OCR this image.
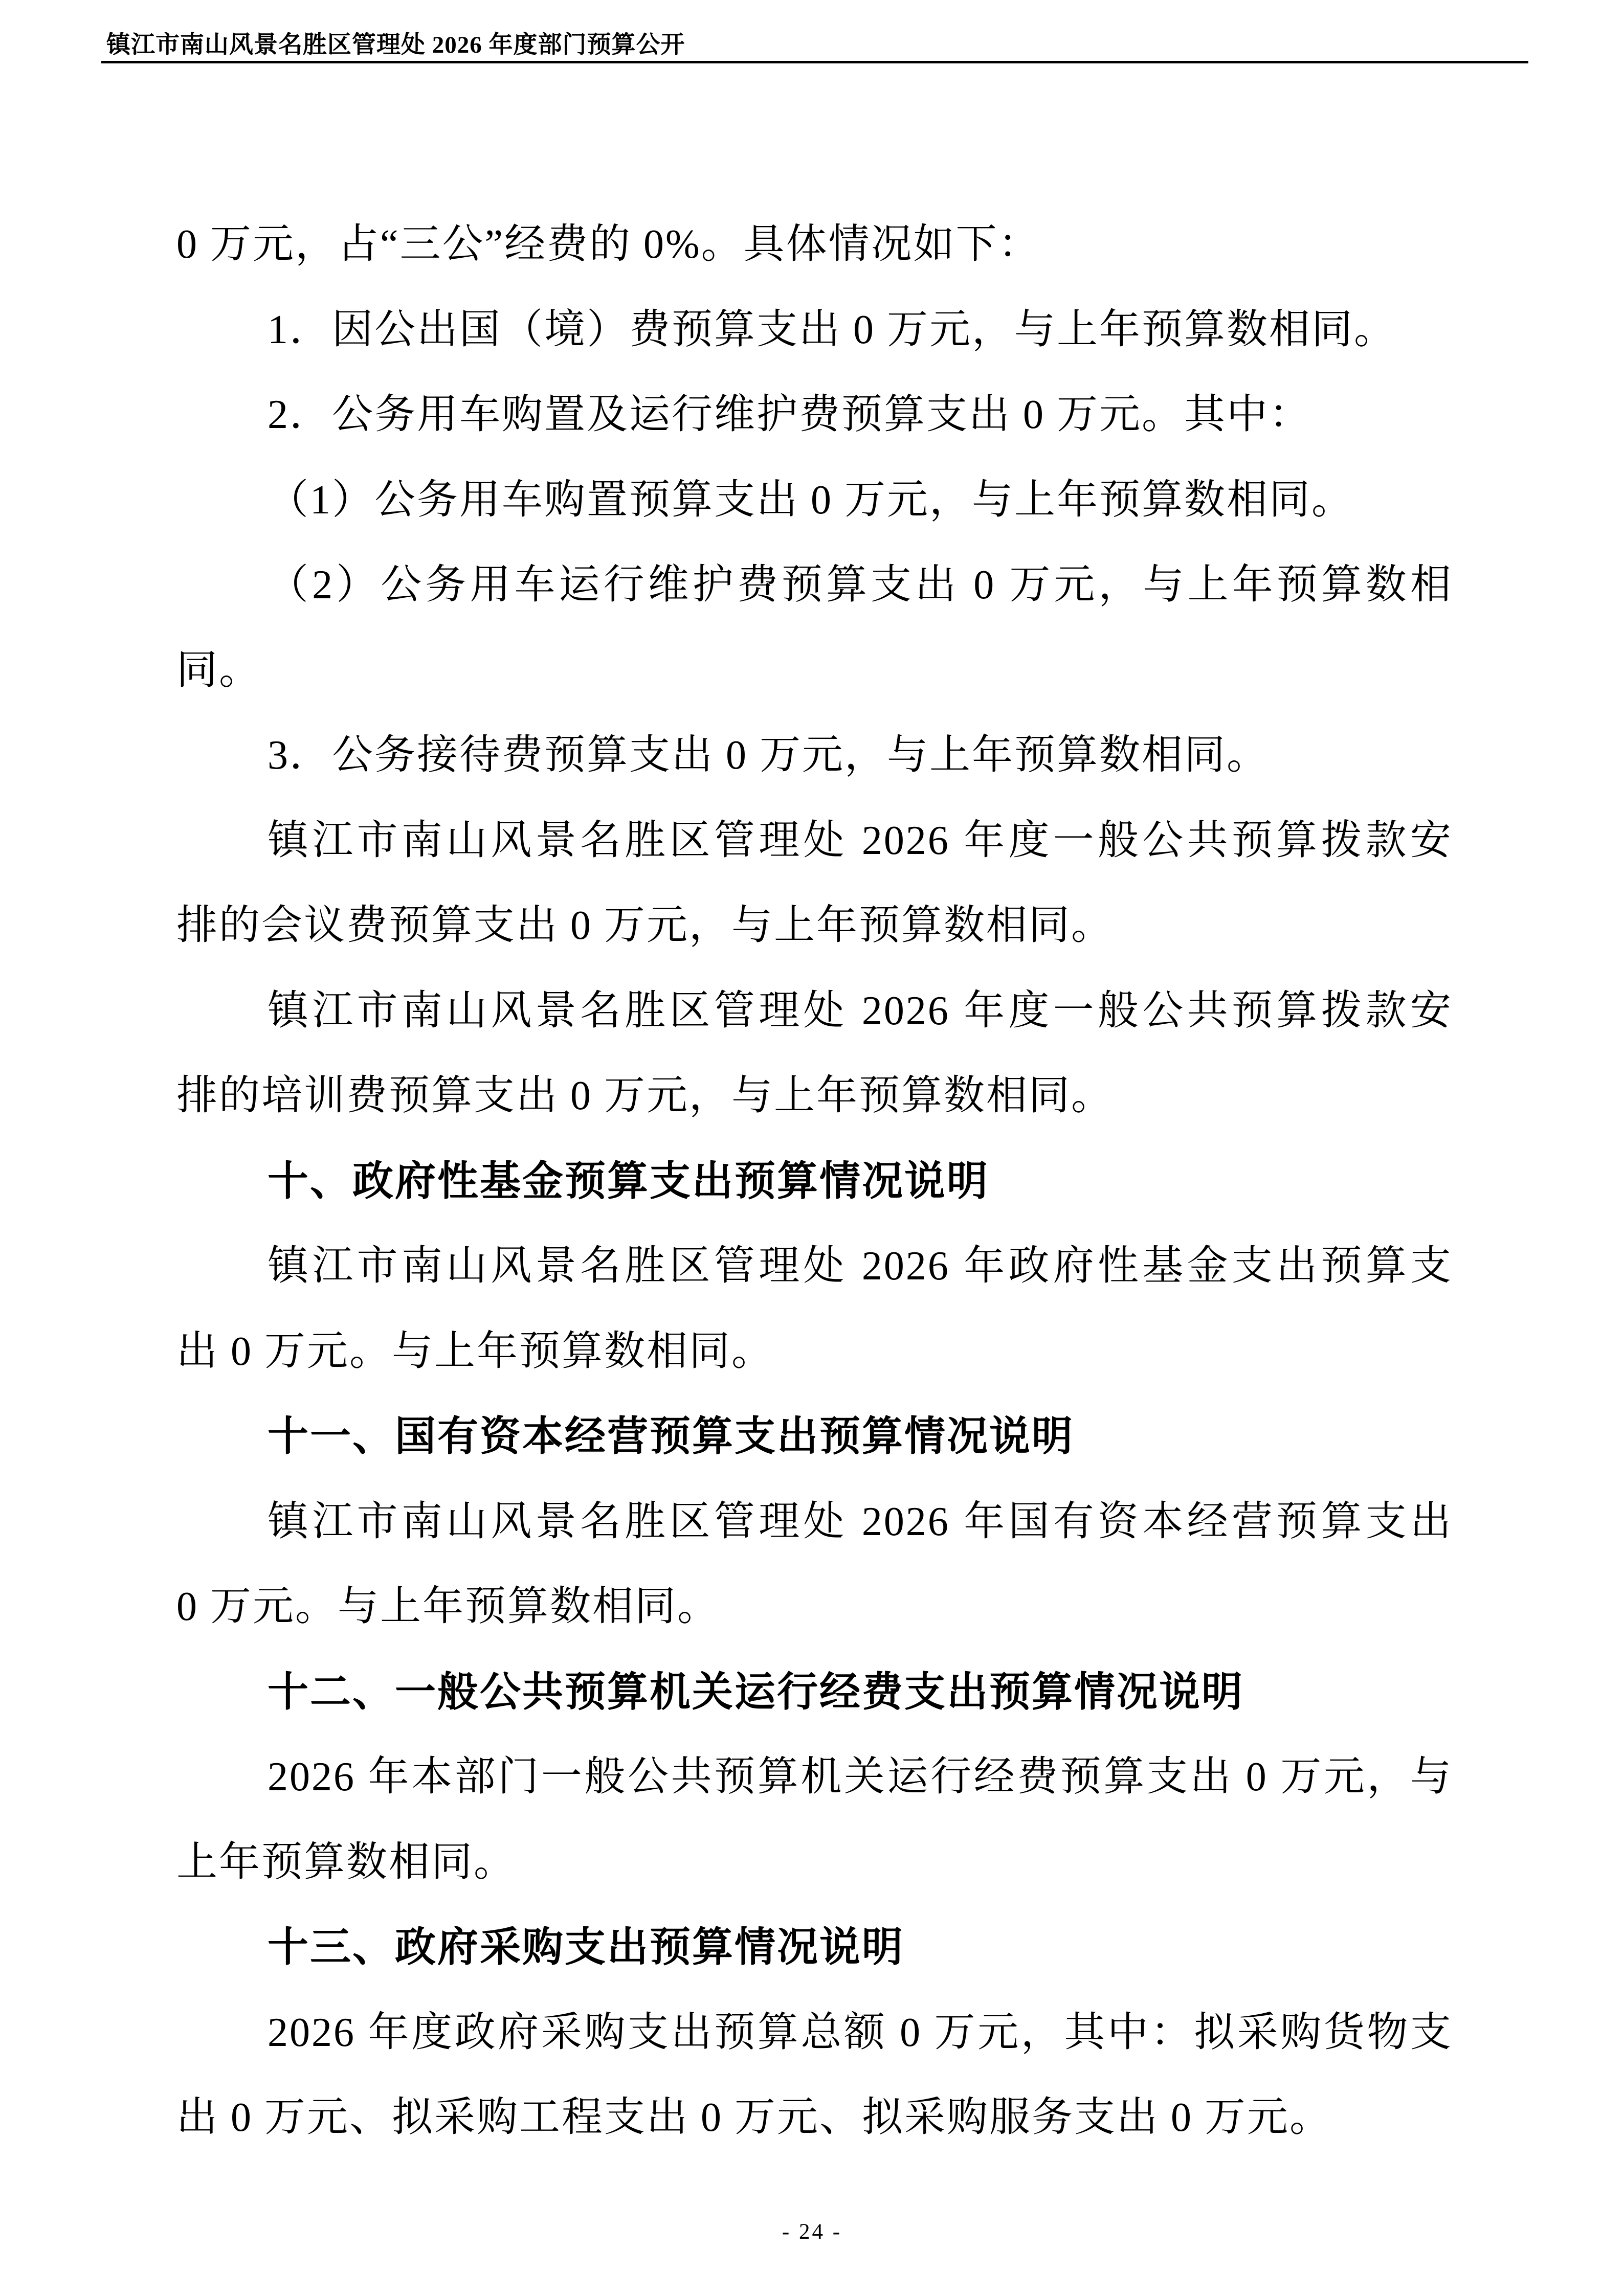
镇江市南山风景名胜区管理处 2026 年度部门预算公开
0 万元，占“三公”经费的 0%。具体情况如下：
1．因公出国（境）费预算支出 0 万元，与上年预算数相同。
2．公务用车购置及运行维护费预算支出 0 万元。其中：
（1）公务用车购置预算支出 0 万元，与上年预算数相同。
（2）公务用车运行维护费预算支出 0 万元，与上年预算数相
同。
3．公务接待费预算支出 0 万元，与上年预算数相同。
镇江市南山风景名胜区管理处 2026 年度一般公共预算拨款安
排的会议费预算支出 0 万元，与上年预算数相同。
镇江市南山风景名胜区管理处 2026 年度一般公共预算拨款安
排的培训费预算支出 0 万元，与上年预算数相同。
十、政府性基金预算支出预算情况说明
镇江市南山风景名胜区管理处 2026 年政府性基金支出预算支
出 0 万元。与上年预算数相同。
十一、国有资本经营预算支出预算情况说明
镇江市南山风景名胜区管理处 2026 年国有资本经营预算支出
0 万元。与上年预算数相同。
十二、一般公共预算机关运行经费支出预算情况说明
2026 年本部门一般公共预算机关运行经费预算支出 0 万元，与
上年预算数相同。
十三、政府采购支出预算情况说明
2026 年度政府采购支出预算总额 0 万元，其中：拟采购货物支
出 0 万元、拟采购工程支出 0 万元、拟采购服务支出 0 万元。
- 24 -
